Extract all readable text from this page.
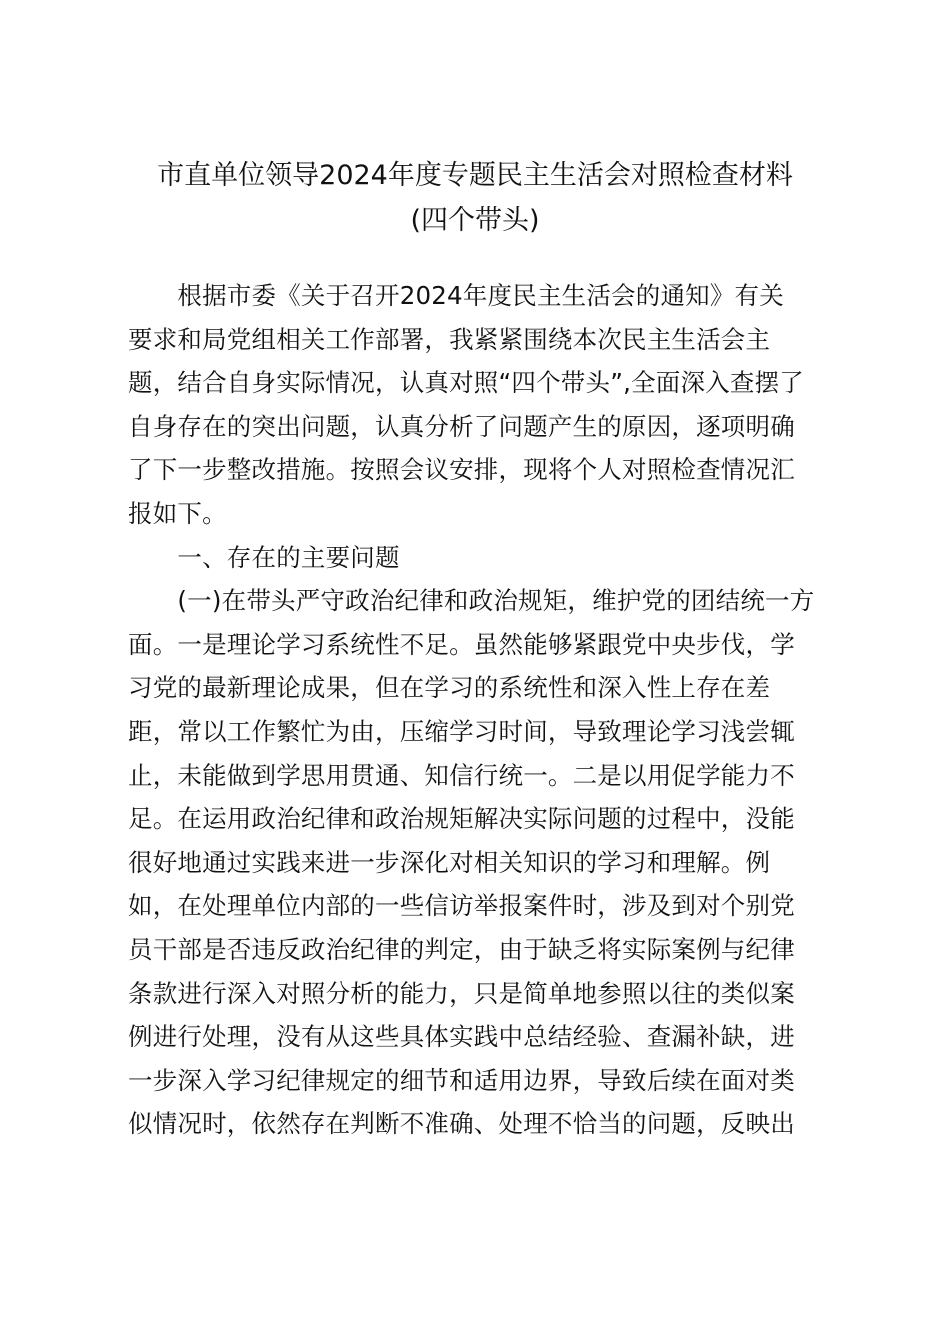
市直单位领导2024年度专题民主生活会对照检查材料
(四个带头)
　　根据市委《关于召开2024年度民主生活会的通知》有关
要求和局党组相关工作部署，我紧紧围绕本次民主生活会主
题，结合自身实际情况，认真对照“四个带头”,全面深入查摆了
自身存在的突出问题，认真分析了问题产生的原因，逐项明确
了下一步整改措施。按照会议安排，现将个人对照检查情况汇
报如下。
　　一、存在的主要问题
　　(一)在带头严守政治纪律和政治规矩，维护党的团结统一方
面。一是理论学习系统性不足。虽然能够紧跟党中央步伐，学
习党的最新理论成果，但在学习的系统性和深入性上存在差
距，常以工作繁忙为由，压缩学习时间，导致理论学习浅尝辄
止，未能做到学思用贯通、知信行统一。二是以用促学能力不
足。在运用政治纪律和政治规矩解决实际问题的过程中，没能
很好地通过实践来进一步深化对相关知识的学习和理解。例
如，在处理单位内部的一些信访举报案件时，涉及到对个别党
员干部是否违反政治纪律的判定，由于缺乏将实际案例与纪律
条款进行深入对照分析的能力，只是简单地参照以往的类似案
例进行处理，没有从这些具体实践中总结经验、查漏补缺，进
一步深入学习纪律规定的细节和适用边界，导致后续在面对类
似情况时，依然存在判断不准确、处理不恰当的问题，反映出
